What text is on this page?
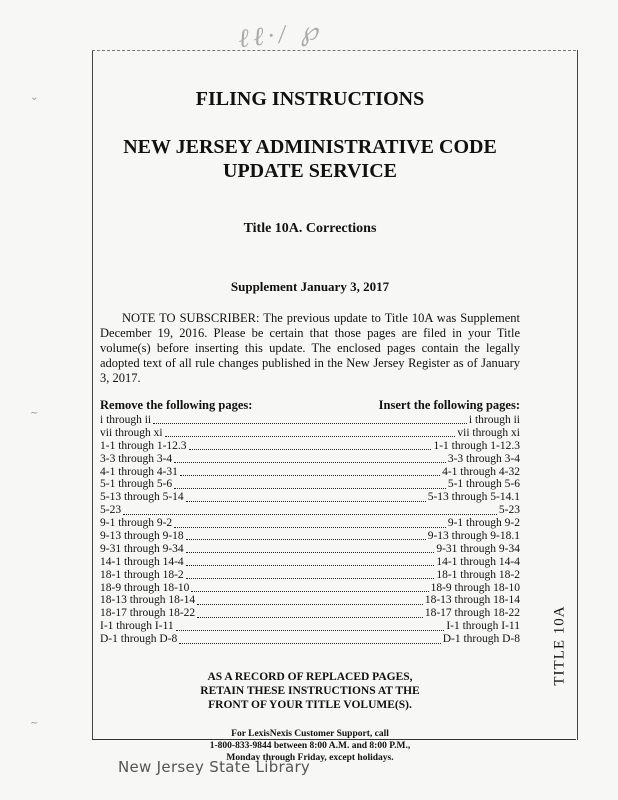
ℓℓ·/ ℘
⌄
∼
∼
FILING INSTRUCTIONS
NEW JERSEY ADMINISTRATIVE CODE
UPDATE SERVICE
Title 10A. Corrections
Supplement January 3, 2017

NOTE TO SUBSCRIBER: The previous update to Title 10A was Supplement December 19, 2016. Please be certain that those pages are filed in your Title volume(s) before inserting this update. The enclosed pages contain the legally adopted text of all rule changes published in the New Jersey Register as of January 3, 2017.

Remove the following pages:	Insert the following pages:
i through ii	i through ii
vii through xi	vii through xi
1-1 through 1-12.3	1-1 through 1-12.3
3-3 through 3-4	3-3 through 3-4
4-1 through 4-31	4-1 through 4-32
5-1 through 5-6	5-1 through 5-6
5-13 through 5-14	5-13 through 5-14.1
5-23	5-23
9-1 through 9-2	9-1 through 9-2
9-13 through 9-18	9-13 through 9-18.1
9-31 through 9-34	9-31 through 9-34
14-1 through 14-4	14-1 through 14-4
18-1 through 18-2	18-1 through 18-2
18-9 through 18-10	18-9 through 18-10
18-13 through 18-14	18-13 through 18-14
18-17 through 18-22	18-17 through 18-22
I-1 through I-11	I-1 through I-11
D-1 through D-8	D-1 through D-8
AS A RECORD OF REPLACED PAGES,
RETAIN THESE INSTRUCTIONS AT THE
FRONT OF YOUR TITLE VOLUME(S).
For LexisNexis Customer Support, call
1-800-833-9844 between 8:00 A.M. and 8:00 P.M.,
Monday through Friday, except holidays.
TITLE 10A
New Jersey State Library
